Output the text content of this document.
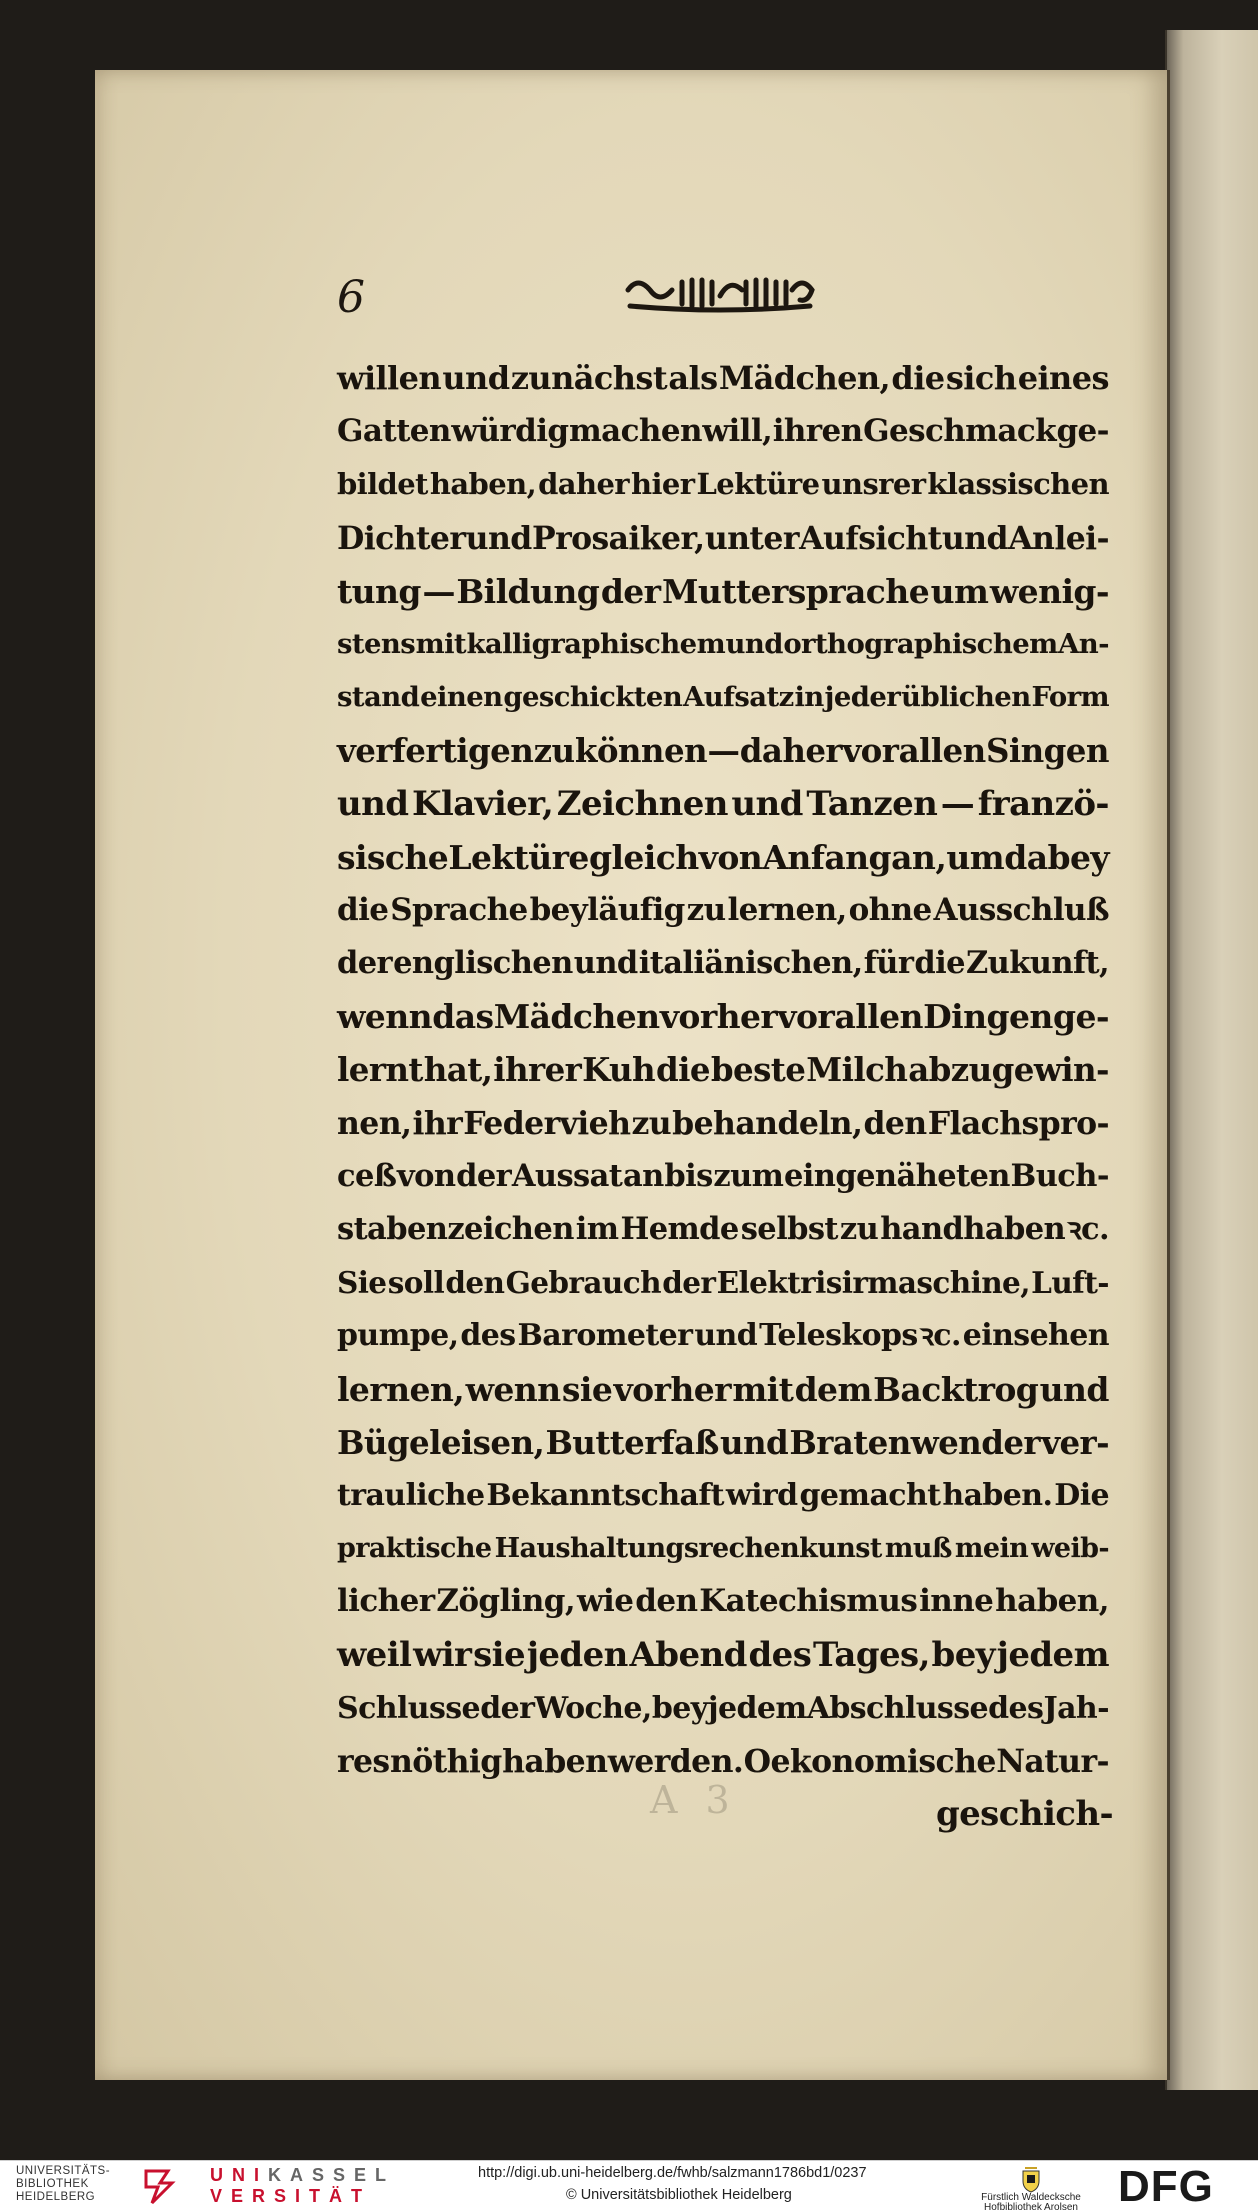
6
willen und zunächst als Mädchen, die sich eines
Gatten würdig machen will, ihren Geschmack ge-
bildet haben, daher hier Lektüre unsrer klassischen
Dichter und Prosaiker, unter Aufsicht und Anlei-
tung — Bildung der Muttersprache um wenig-
stens mit kalligraphischem und orthographischem An-
stand einen geschickten Aufsatz in jeder üblichen Form
verfertigen zu können — daher vor allen Singen
und Klavier, Zeichnen und Tanzen — franzö-
sische Lektüre gleich von Anfang an, um dabey
die Sprache beyläufig zu lernen, ohne Ausschluß
der englischen und italiänischen, für die Zukunft,
wenn das Mädchen vorher vor allen Dingen ge-
lernt hat, ihrer Kuh die beste Milch abzugewin-
nen, ihr Federvieh zu behandeln, den Flachspro-
ceß von der Aussat an bis zum eingenäheten Buch-
stabenzeichen im Hemde selbst zu handhaben ꝛc.
Sie soll den Gebrauch der Elektrisirmaschine, Luft-
pumpe, des Barometer und Teleskops ꝛc. einsehen
lernen, wenn sie vorher mit dem Backtrog und
Bügeleisen, Butterfaß und Bratenwender ver-
trauliche Bekanntschaft wird gemacht haben. Die
praktische Haushaltungsrechenkunst muß mein weib-
licher Zögling, wie den Katechismus inne haben,
weil wir sie jeden Abend des Tages, bey jedem
Schlusse der Woche, bey jedem Abschlusse des Jah-
res nöthig haben werden. Oekonomische Natur-
geschich-
A 3
UNIVERSITÄTS-
BIBLIOTHEK
HEIDELBERG
UNIKASSEL
VERSITÄT
http://digi.ub.uni-heidelberg.de/fwhb/salzmann1786bd1/0237
© Universitätsbibliothek Heidelberg	Fürstlich Waldecksche
Hofbibliothek Arolsen DFG
